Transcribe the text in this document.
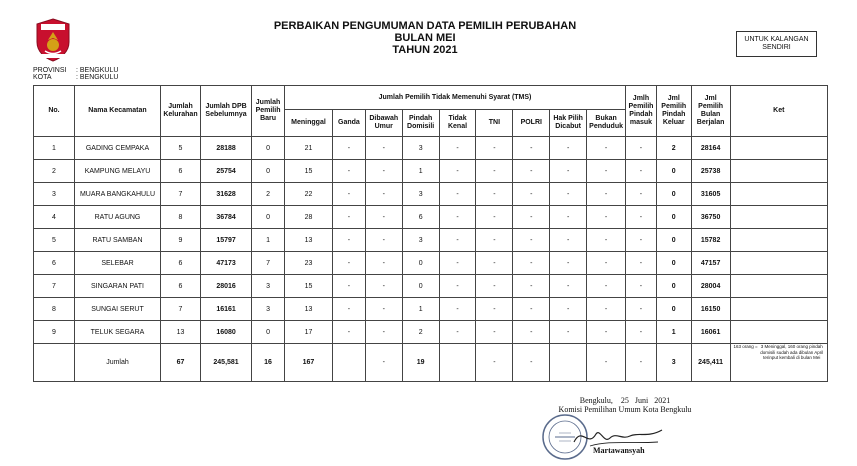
PERBAIKAN PENGUMUMAN DATA PEMILIH PERUBAHAN
BULAN MEI
TAHUN 2021
UNTUK KALANGAN
SENDIRI
PROVINSI	: BENGKULU
KOTA	: BENGKULU
No.	Nama Kecamatan	Jumlah Kelurahan	Jumlah DPB Sebelumnya	Jumlah Pemilih Baru	Jumlah Pemilih Tidak Memenuhi Syarat (TMS)									Jmlh Pemilih Pindah masuk	Jml Pemilih Pindah Keluar	Jml Pemilih Bulan Berjalan	Ket
					Meninggal	Ganda	Dibawah Umur	Pindah Domisili	Tidak Kenal	TNI	POLRI	Hak Pilih Dicabut	Bukan Penduduk				
1	GADING CEMPAKA	5	28188	0	21	-	-	3	-	-	-	-	-	-	2	28164	
2	KAMPUNG MELAYU	6	25754	0	15	-	-	1	-	-	-	-	-	-	0	25738	
3	MUARA BANGKAHULU	7	31628	2	22	-	-	3	-	-	-	-	-	-	0	31605	
4	RATU AGUNG	8	36784	0	28	-	-	6	-	-	-	-	-	-	0	36750	
5	RATU SAMBAN	9	15797	1	13	-	-	3	-	-	-	-	-	-	0	15782	
6	SELEBAR	6	47173	7	23	-	-	0	-	-	-	-	-	-	0	47157	
7	SINGARAN PATI	6	28016	3	15	-	-	0	-	-	-	-	-	-	0	28004	
8	SUNGAI SERUT	7	16161	3	13	-	-	1	-	-	-	-	-	-	0	16150	
9	TELUK SEGARA	13	16080	0	17	-	-	2	-	-	-	-	-	-	1	16061	
	Jumlah	67	245,581	16	167		-	19		-	-		-	-	3	245,411	163 orang = 3 Meninggal, 160 orang pindah domisili sudah ada dibulan April terinput kembali di bulan Mei
Bengkulu,    25   Juni   2021
Komisi Pemilihan Umum Kota Bengkulu
Martawansyah
